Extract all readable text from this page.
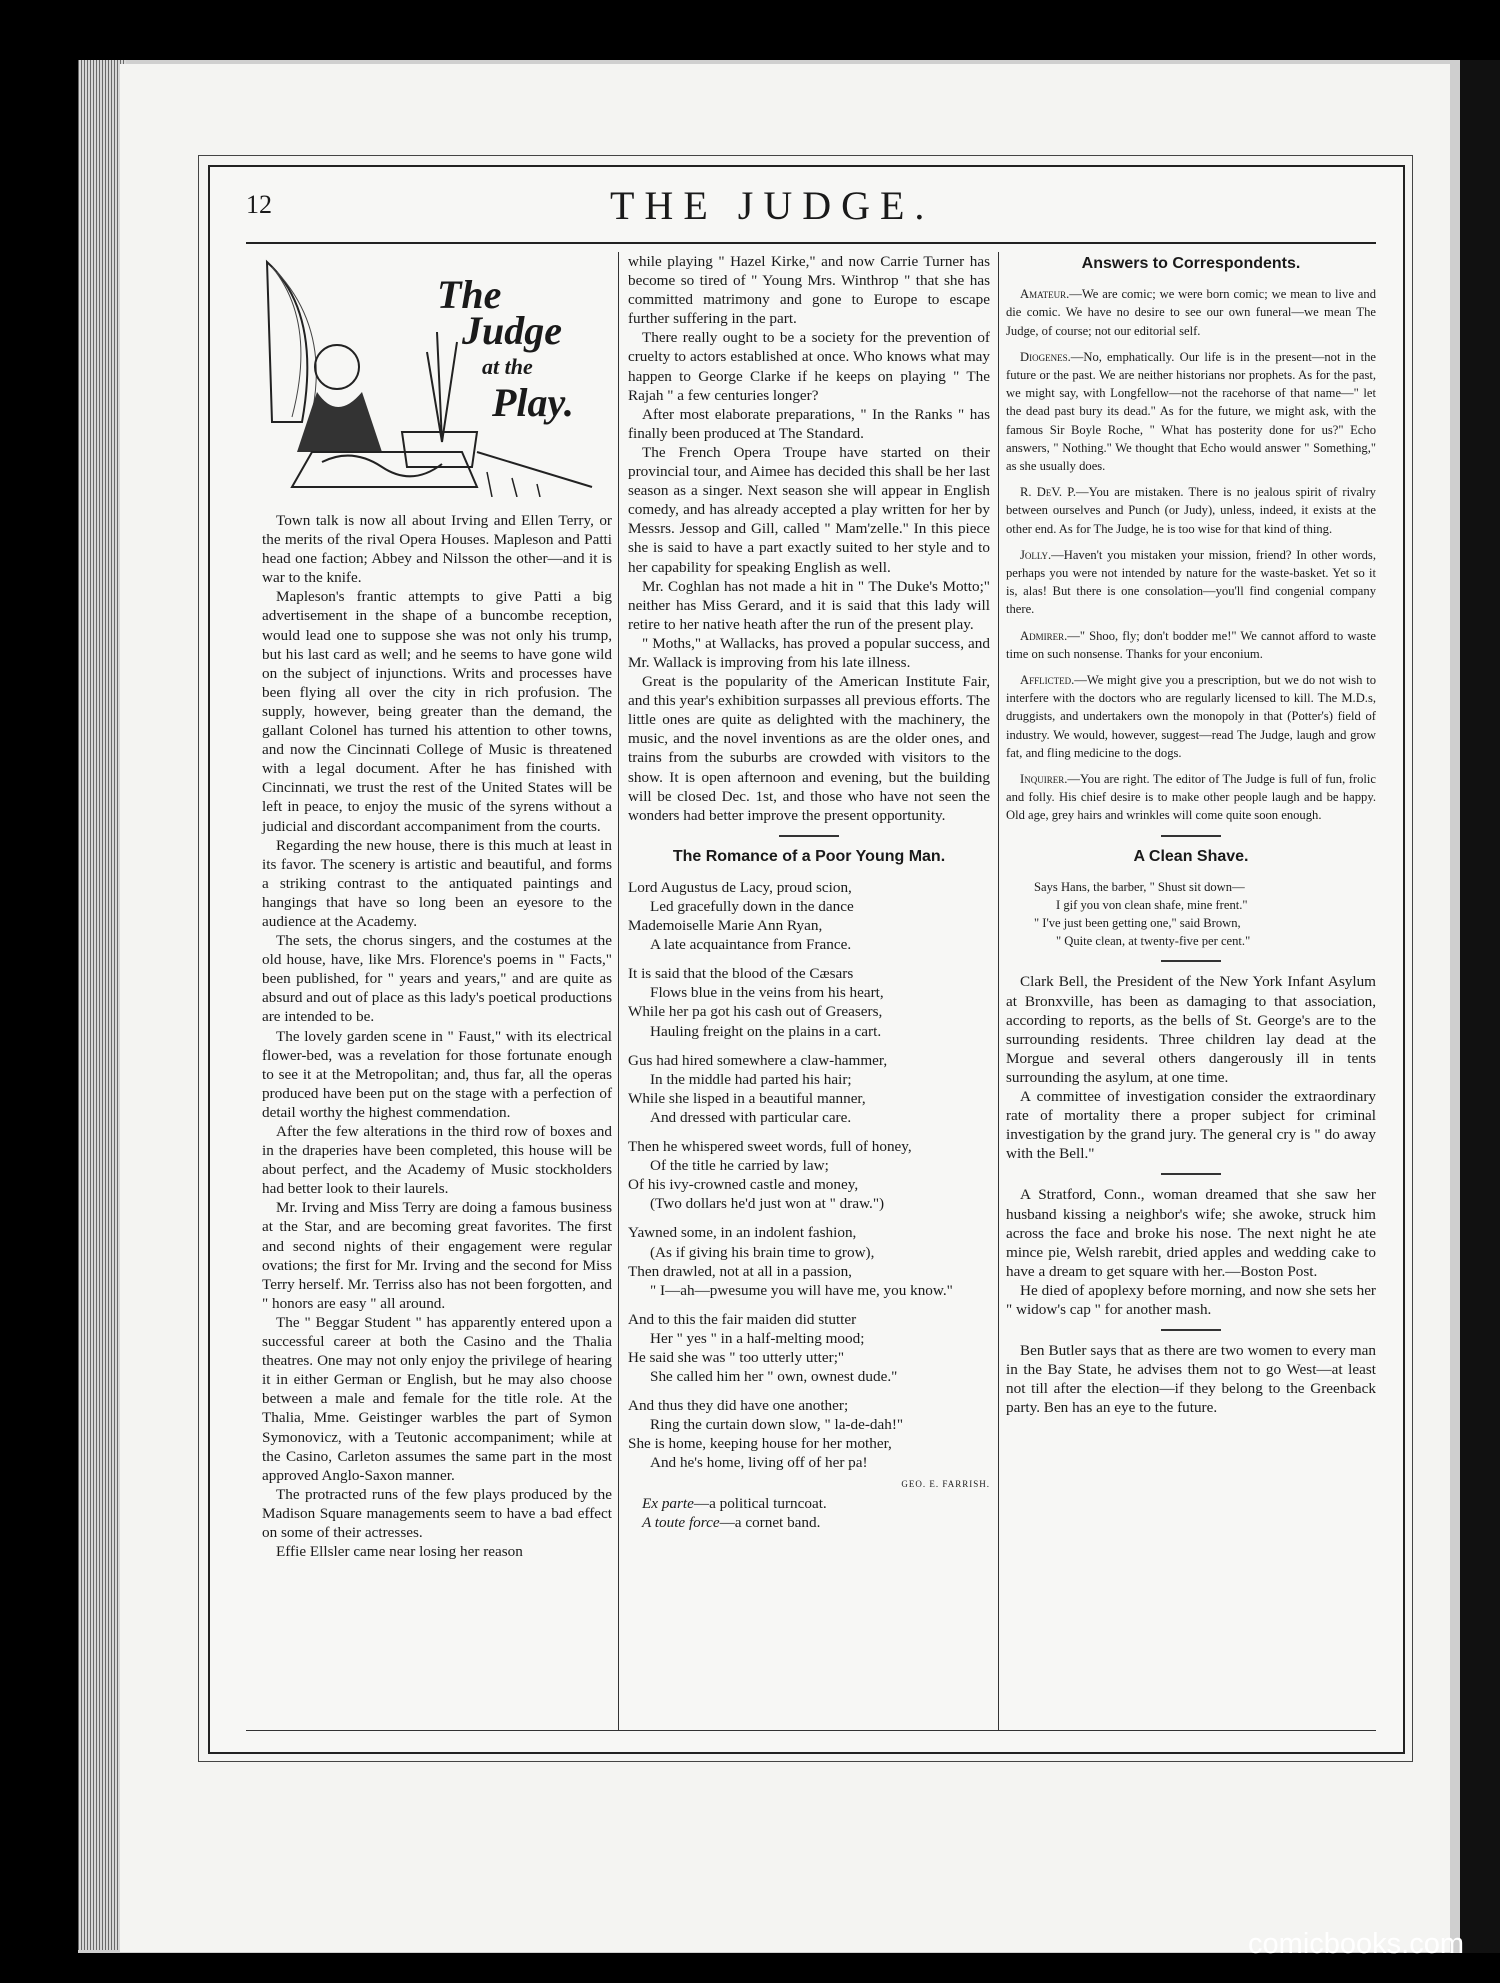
12	THE JUDGE.
The
Judge
at the
Play.

Town talk is now all about Irving and Ellen Terry, or the merits of the rival Opera Houses. Mapleson and Patti head one faction; Abbey and Nilsson the other—and it is war to the knife.

Mapleson's frantic attempts to give Patti a big advertisement in the shape of a buncombe reception, would lead one to suppose she was not only his trump, but his last card as well; and he seems to have gone wild on the subject of injunctions. Writs and processes have been flying all over the city in rich profusion. The supply, however, being greater than the demand, the gallant Colonel has turned his attention to other towns, and now the Cincinnati College of Music is threatened with a legal document. After he has finished with Cincinnati, we trust the rest of the United States will be left in peace, to enjoy the music of the syrens without a judicial and discordant accompaniment from the courts.

Regarding the new house, there is this much at least in its favor. The scenery is artistic and beautiful, and forms a striking contrast to the antiquated paintings and hangings that have so long been an eyesore to the audience at the Academy.

The sets, the chorus singers, and the costumes at the old house, have, like Mrs. Florence's poems in " Facts," been published, for " years and years," and are quite as absurd and out of place as this lady's poetical productions are intended to be.

The lovely garden scene in " Faust," with its electrical flower-bed, was a revelation for those fortunate enough to see it at the Metropolitan; and, thus far, all the operas produced have been put on the stage with a perfection of detail worthy the highest commendation.

After the few alterations in the third row of boxes and in the draperies have been completed, this house will be about perfect, and the Academy of Music stockholders had better look to their laurels.

Mr. Irving and Miss Terry are doing a famous business at the Star, and are becoming great favorites. The first and second nights of their engagement were regular ovations; the first for Mr. Irving and the second for Miss Terry herself. Mr. Terriss also has not been forgotten, and " honors are easy " all around.

The " Beggar Student " has apparently entered upon a successful career at both the Casino and the Thalia theatres. One may not only enjoy the privilege of hearing it in either German or English, but he may also choose between a male and female for the title role. At the Thalia, Mme. Geistinger warbles the part of Symon Symonovicz, with a Teutonic accompaniment; while at the Casino, Carleton assumes the same part in the most approved Anglo-Saxon manner.

The protracted runs of the few plays produced by the Madison Square managements seem to have a bad effect on some of their actresses.

Effie Ellsler came near losing her reason

while playing " Hazel Kirke," and now Carrie Turner has become so tired of " Young Mrs. Winthrop " that she has committed matrimony and gone to Europe to escape further suffering in the part.

There really ought to be a society for the prevention of cruelty to actors established at once. Who knows what may happen to George Clarke if he keeps on playing " The Rajah " a few centuries longer?

After most elaborate preparations, " In the Ranks " has finally been produced at The Standard.

The French Opera Troupe have started on their provincial tour, and Aimee has decided this shall be her last season as a singer. Next season she will appear in English comedy, and has already accepted a play written for her by Messrs. Jessop and Gill, called " Mam'zelle." In this piece she is said to have a part exactly suited to her style and to her capability for speaking English as well.

Mr. Coghlan has not made a hit in " The Duke's Motto;" neither has Miss Gerard, and it is said that this lady will retire to her native heath after the run of the present play.

" Moths," at Wallacks, has proved a popular success, and Mr. Wallack is improving from his late illness.

Great is the popularity of the American Institute Fair, and this year's exhibition surpasses all previous efforts. The little ones are quite as delighted with the machinery, the music, and the novel inventions as are the older ones, and trains from the suburbs are crowded with visitors to the show. It is open afternoon and evening, but the building will be closed Dec. 1st, and those who have not seen the wonders had better improve the present opportunity.

The Romance of a Poor Young Man.

Lord Augustus de Lacy, proud scion,

Led gracefully down in the dance

Mademoiselle Marie Ann Ryan,

A late acquaintance from France.

It is said that the blood of the Cæsars

Flows blue in the veins from his heart,

While her pa got his cash out of Greasers,

Hauling freight on the plains in a cart.

Gus had hired somewhere a claw-hammer,

In the middle had parted his hair;

While she lisped in a beautiful manner,

And dressed with particular care.

Then he whispered sweet words, full of honey,

Of the title he carried by law;

Of his ivy-crowned castle and money,

(Two dollars he'd just won at " draw.")

Yawned some, in an indolent fashion,

(As if giving his brain time to grow),

Then drawled, not at all in a passion,

" I—ah—pwesume you will have me, you know."

And to this the fair maiden did stutter

Her " yes " in a half-melting mood;

He said she was " too utterly utter;"

She called him her " own, ownest dude."

And thus they did have one another;

Ring the curtain down slow, " la-de-dah!"

She is home, keeping house for her mother,

And he's home, living off of her pa!

GEO. E. FARRISH.

Ex parte—a political turncoat.

A toute force—a cornet band.

Answers to Correspondents.

Amateur.—We are comic; we were born comic; we mean to live and die comic. We have no desire to see our own funeral—we mean The Judge, of course; not our editorial self.

Diogenes.—No, emphatically. Our life is in the present—not in the future or the past. We are neither historians nor prophets. As for the past, we might say, with Longfellow—not the racehorse of that name—" let the dead past bury its dead." As for the future, we might ask, with the famous Sir Boyle Roche, " What has posterity done for us?" Echo answers, " Nothing." We thought that Echo would answer " Something," as she usually does.

R. DeV. P.—You are mistaken. There is no jealous spirit of rivalry between ourselves and Punch (or Judy), unless, indeed, it exists at the other end. As for The Judge, he is too wise for that kind of thing.

Jolly.—Haven't you mistaken your mission, friend? In other words, perhaps you were not intended by nature for the waste-basket. Yet so it is, alas! But there is one consolation—you'll find congenial company there.

Admirer.—" Shoo, fly; don't bodder me!" We cannot afford to waste time on such nonsense. Thanks for your enconium.

Afflicted.—We might give you a prescription, but we do not wish to interfere with the doctors who are regularly licensed to kill. The M.D.s, druggists, and undertakers own the monopoly in that (Potter's) field of industry. We would, however, suggest—read The Judge, laugh and grow fat, and fling medicine to the dogs.

Inquirer.—You are right. The editor of The Judge is full of fun, frolic and folly. His chief desire is to make other people laugh and be happy. Old age, grey hairs and wrinkles will come quite soon enough.

A Clean Shave.

Says Hans, the barber, " Shust sit down—

I gif you von clean shafe, mine frent."

" I've just been getting one," said Brown,

" Quite clean, at twenty-five per cent."

Clark Bell, the President of the New York Infant Asylum at Bronxville, has been as damaging to that association, according to reports, as the bells of St. George's are to the surrounding residents. Three children lay dead at the Morgue and several others dangerously ill in tents surrounding the asylum, at one time.

A committee of investigation consider the extraordinary rate of mortality there a proper subject for criminal investigation by the grand jury. The general cry is " do away with the Bell."

A Stratford, Conn., woman dreamed that she saw her husband kissing a neighbor's wife; she awoke, struck him across the face and broke his nose. The next night he ate mince pie, Welsh rarebit, dried apples and wedding cake to have a dream to get square with her.—Boston Post.

He died of apoplexy before morning, and now she sets her " widow's cap " for another mash.

Ben Butler says that as there are two women to every man in the Bay State, he advises them not to go West—at least not till after the election—if they belong to the Greenback party. Ben has an eye to the future.

comicbooks.com
